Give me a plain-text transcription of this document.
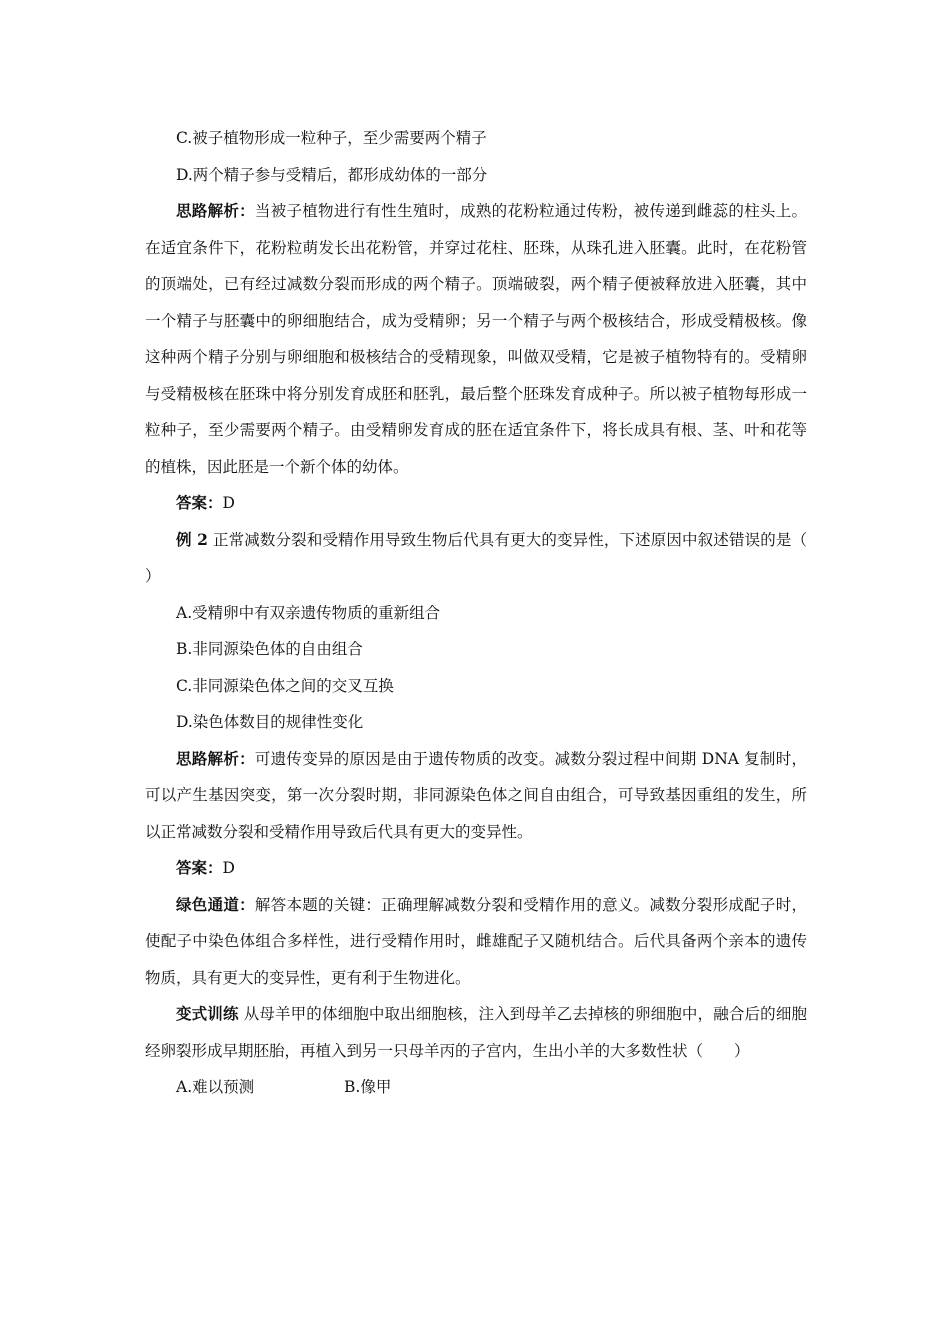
C.被子植物形成一粒种子，至少需要两个精子

D.两个精子参与受精后，都形成幼体的一部分

思路解析：当被子植物进行有性生殖时，成熟的花粉粒通过传粉，被传递到雌蕊的柱头上。在适宜条件下，花粉粒萌发长出花粉管，并穿过花柱、胚珠，从珠孔进入胚囊。此时，在花粉管的顶端处，已有经过减数分裂而形成的两个精子。顶端破裂，两个精子便被释放进入胚囊，其中一个精子与胚囊中的卵细胞结合，成为受精卵；另一个精子与两个极核结合，形成受精极核。像这种两个精子分别与卵细胞和极核结合的受精现象，叫做双受精，它是被子植物特有的。受精卵与受精极核在胚珠中将分别发育成胚和胚乳，最后整个胚珠发育成种子。所以被子植物每形成一粒种子，至少需要两个精子。由受精卵发育成的胚在适宜条件下，将长成具有根、茎、叶和花等的植株，因此胚是一个新个体的幼体。

答案：D

例 2 正常减数分裂和受精作用导致生物后代具有更大的变异性，下述原因中叙述错误的是（　　）

A.受精卵中有双亲遗传物质的重新组合

B.非同源染色体的自由组合

C.非同源染色体之间的交叉互换

D.染色体数目的规律性变化

思路解析：可遗传变异的原因是由于遗传物质的改变。减数分裂过程中间期 DNA 复制时，可以产生基因突变，第一次分裂时期，非同源染色体之间自由组合，可导致基因重组的发生，所以正常减数分裂和受精作用导致后代具有更大的变异性。

答案：D

绿色通道：解答本题的关键：正确理解减数分裂和受精作用的意义。减数分裂形成配子时，使配子中染色体组合多样性，进行受精作用时，雌雄配子又随机结合。后代具备两个亲本的遗传物质，具有更大的变异性，更有利于生物进化。

变式训练 从母羊甲的体细胞中取出细胞核，注入到母羊乙去掉核的卵细胞中，融合后的细胞经卵裂形成早期胚胎，再植入到另一只母羊丙的子宫内，生出小羊的大多数性状（　　）

A.难以预测	B.像甲
